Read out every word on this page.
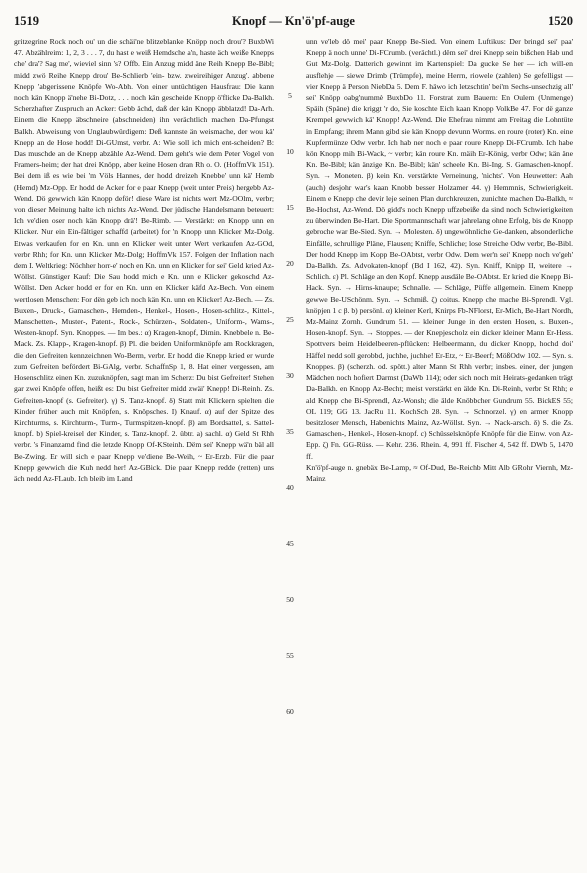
1519	Knopf — Kn'ö'pf-auge	1520

gritzegrine Rock noch ou' un die schäi'ne blitzeblanke Knöpp noch drou'? BuxbWi 47. Abzählreim: 1, 2, 3 . . . 7, du hast e weiß Hemdsche a'n, haste äch weiße Knepps che' dra'? Sag me', wieviel sinn 's? Offb. Ein Anzug midd äne Reih Knepp Be-Bibl; midd zwö Reihe Knepp drou' Be-Schlierb 'ein- bzw. zweireihiger Anzug'. abbene Knepp 'abgerissene Knöpfe Wo-Abh. Von einer untüchtigen Hausfrau: Die kann noch kän Knopp ä'nehe Bi-Dotz, . . . noch kän gescheide Knopp ö'flicke Da-Balkh. Scherzhafter Zuspruch an Acker: Gebb ächd, daß der kän Knopp äbblatzd! Da-Arh. Einem die Knepp äbschneire (abschneiden) ihn verächtlich machen Da-Pfungst Balkh. Abweisung von Unglaubwürdigem: Deß kannste än weismache, der wou kä' Knepp an de Hose hodd! Di-GUmst, verbr. A: Wie soll ich mich ent-scheiden? B: Das muschde an de Knepp abzähle Az-Wend. Dem geht's wie dem Peter Vogel von Framers-heim; der hat drei Knöpp, aber keine Hosen dran Rh o. O. (HoffmVk 151). Bei dem iß es wie bei 'm Völs Hannes, der hodd dreizeh Knebbe' unn kä' Hemb (Hemd) Mz-Opp. Er hodd de Acker for e paar Knepp (weit unter Preis) hergebb Az-Wend. Dö gewwich kän Knopp deför! diese Ware ist nichts wert Mz-OOlm, verbr; von dieser Meinung halte ich nichts Az-Wend. Der jüdische Handelsmann beteuert: Ich ve'dien oser noch kän Knopp drä'! Be-Rimb. — Verstärkt: en Knopp unn en Klicker. Nur ein Ein-fältiger schaffd (arbeitet) for 'n Knopp unn Klicker Mz-Dolg. Etwas verkaufen for en Kn. unn en Klicker weit unter Wert verkaufen Az-GOd, verbr Rhh; for Kn. unn Klicker Mz-Dolg; HoffmVk 157. Folgen der Inflation nach dem I. Weltkrieg: Nöchher horr-e' noch en Kn. unn en Klicker for sei' Geld kried Az-Wöllst. Günstiger Kauf: Die Sau hodd mich e Kn. unn e Klicker gekoschd Az-Wöllst. Den Acker hodd er for en Kn. unn en Klicker käfd Az-Bech. Von einem wertlosen Menschen: For dën geb ich noch kän Kn. unn en Klicker! Az-Bech. — Zs. Buxen-, Druck-, Gamaschen-, Hemden-, Henkel-, Hosen-, Hosen-schlitz-, Kittel-, Manschetten-, Muster-, Patent-, Rock-, Schürzen-, Soldaten-, Uniform-, Wams-, Westen-knopf. Syn. Knoppes. — Im bes.: α) Kragen-knopf, Dimin. Knebbele n. Be-Mack. Zs. Klapp-, Kragen-knopf. β) Pl. die beiden Uniformknöpfe am Rockkragen, die den Gefreiten kennzeichnen Wo-Berm, verbr. Er hodd die Knepp kried er wurde zum Gefreiten befördert Bi-GAlg, verbr. SchaffnSp 1, 8. Hat einer vergessen, am Hosenschlitz einen Kn. zuzuknöpfen, sagt man im Scherz: Du bist Gefreiter! Stehen gar zwei Knöpfe offen, heißt es: Du bist Gefreiter midd zwäi' Knepp! Di-Reinh. Zs. Gefreiten-knopf (s. Gefreiter). γ) S. Tanz-knopf. δ) Statt mit Klickern spielten die Kinder früher auch mit Knöpfen, s. Knöpsches. I) Knauf. α) auf der Spitze des Kirchturms, s. Kirchturm-, Turm-, Turmspitzen-knopf. β) am Bordsattel, s. Sattel-knopf. b) Spiel-kreisel der Kinder, s. Tanz-knopf. 2. übtr. a) sachl. α) Geld St Rhh verbr. 's Finanzamd find die letzde Knopp Of-KSteinh. Dëm sei' Knepp wä'n bäl all Be-Zwing. Er will sich e paar Knepp ve'diene Be-Weih, ~ Er-Erzb. Für die paar Knepp gewwich die Kuh nedd her! Az-GBick. Die paar Knepp redde (retten) uns äch nedd Az-FLaub. Ich bleib im Land

5
10
15
20
25
30
35
40
45
50
55
60

unn ve'leb dö mei' paar Knepp Be-Sied. Von einem Luftikus: Der bringd sei' paa' Knepp ä noch unne' Di-FCrumb. (verächtl.) dëm sei' drei Knepp sein bißchen Hab und Gut Mz-Dolg. Datterich gewinnt im Kartenspiel: Da gucke Se her — ich will-en ausflehje — siewe Drimb (Trümpfe), meine Herrn, riowele (zahlen) Se gefelligst — vier Knepp ä Person NiebDa 5. Dem F. häwo ich letzschtin' bei'm Sechs-unsechzig all' sei' Knöpp oabg'nummè BuxbDo 11. Forstrat zum Bauern: En Oulem (Unmenge) Späih (Späne) die kriggt 'r do, Sie koschte Eich kaan Knopp VolkBe 47. For dë ganze Krempel gewwich kä' Knopp! Az-Wend. Die Ehefrau nimmt am Freitag die Lohntüte in Empfang; ihrem Mann gibd sie kän Knopp devunn Worms. en roure (roter) Kn. eine Kupfermünze Odw verbr. Ich hab ner noch e paar roure Knepp Di-FCrumb. Ich habe kön Knopp mih Bi-Wack, ~ verbr; kän roure Kn. mäih Er-König, verbr Odw; kän äne Kn. Be-Bibl; kän änzige Kn. Be-Bibl; kän' scheele Kn. Bi-Ing. S. Gamaschen-knopf. Syn. → Moneten. β) kein Kn. verstärkte Verneinung, 'nichts'. Von Heuwetter: Aah (auch) desjohr war's kaan Knobb besser Holzamer 44. γ) Hemmnis, Schwierigkeit. Einem e Knepp che devir leje seinen Plan durchkreuzen, zunichte machen Da-Balkh, ≈ Be-Hochst, Az-Wend. Dö gidd's noch Knepp uffzebeiße da sind noch Schwierigkeiten zu überwinden Be-Hart. Die Sportmannschaft war jahrelang ohne Erfolg, bis de Knopp gebroche war Be-Sied. Syn. → Molesten. δ) ungewöhnliche Ge-danken, absonderliche Einfälle, schrullige Pläne, Flausen; Kniffe, Schliche; lose Streiche Odw verbr, Be-Bibl. Der hodd Knepp im Kopp Be-OAbtst, verbr Odw. Dem wer'n sei' Knepp noch ve'geh' Da-Balkh. Zs. Advokaten-knopf (Bd I 162, 42). Syn. Kniff, Knipp II, weitere → Schlich. ε) Pl. Schläge an den Kopf. Knepp ausdäle Be-OAbtst. Er kried die Knepp Bi-Hack. Syn. → Hirns-knaupe; Schnalle. — Schläge, Püffe allgemein. Einem Knepp gewwe Be-USchönm. Syn. → Schmiß. ζ) coitus. Knepp che mache Bi-Sprendl. Vgl. knöpjen 1 c β. b) persönl. α) kleiner Kerl, Knirps Fb-NFlorst, Er-Mich, Be-Hart Nordh, Mz-Mainz Zornh. Gundrum 51. — kleiner Junge in den ersten Hosen, s. Buxen-, Hosen-knopf. Syn. → Stoppes. — der Knepjescholz ein dicker kleiner Mann Er-Hess. Spottvers beim Heidelbeeren-pflücken: Helbeermann, du dicker Knopp, hochd doi' Häffel nedd soll gerobbd, juchhe, juchhe! Er-Etz, ~ Er-Beerf; MößOdw 102. — Syn. s. Knoppes. β) (scherzh. od. spött.) alter Mann St Rhh verbr; insbes. einer, der jungen Mädchen noch hofiert Darmst (DaWb 114); oder sich noch mit Heirats-gedanken trägt Da-Balkh. en Knopp Az-Becht; meist verstärkt en älde Kn. Di-Reinh, verbr St Rhh; e ald Knepp che Bi-Sprendl, Az-Wonsh; die älde Knöbbcher Gundrum 55. BickES 55; OL 119; GG 13. JacRu 11. KochSch 28. Syn. → Schnorzel. γ) en armer Knopp besitzloser Mensch, Habenichts Mainz, Az-Wöllst. Syn. → Nack-arsch. δ) S. die Zs. Gamaschen-, Henkel-, Hosen-knopf. c) Schüsselsknöpfe Knöpfe für die Einw. von Az-Epp. ζ) Fn. GG-Rüss. — Kehr. 236. Rhein. 4, 991 ff. Fischer 4, 542 ff. DWb 5, 1470 ff.

Kn'ö'pf-auge n. gnebäx Be-Lamp, ≈ Of-Dud, Be-Reichb Mitt Alb GRohr Viernh, Mz-Mainz
